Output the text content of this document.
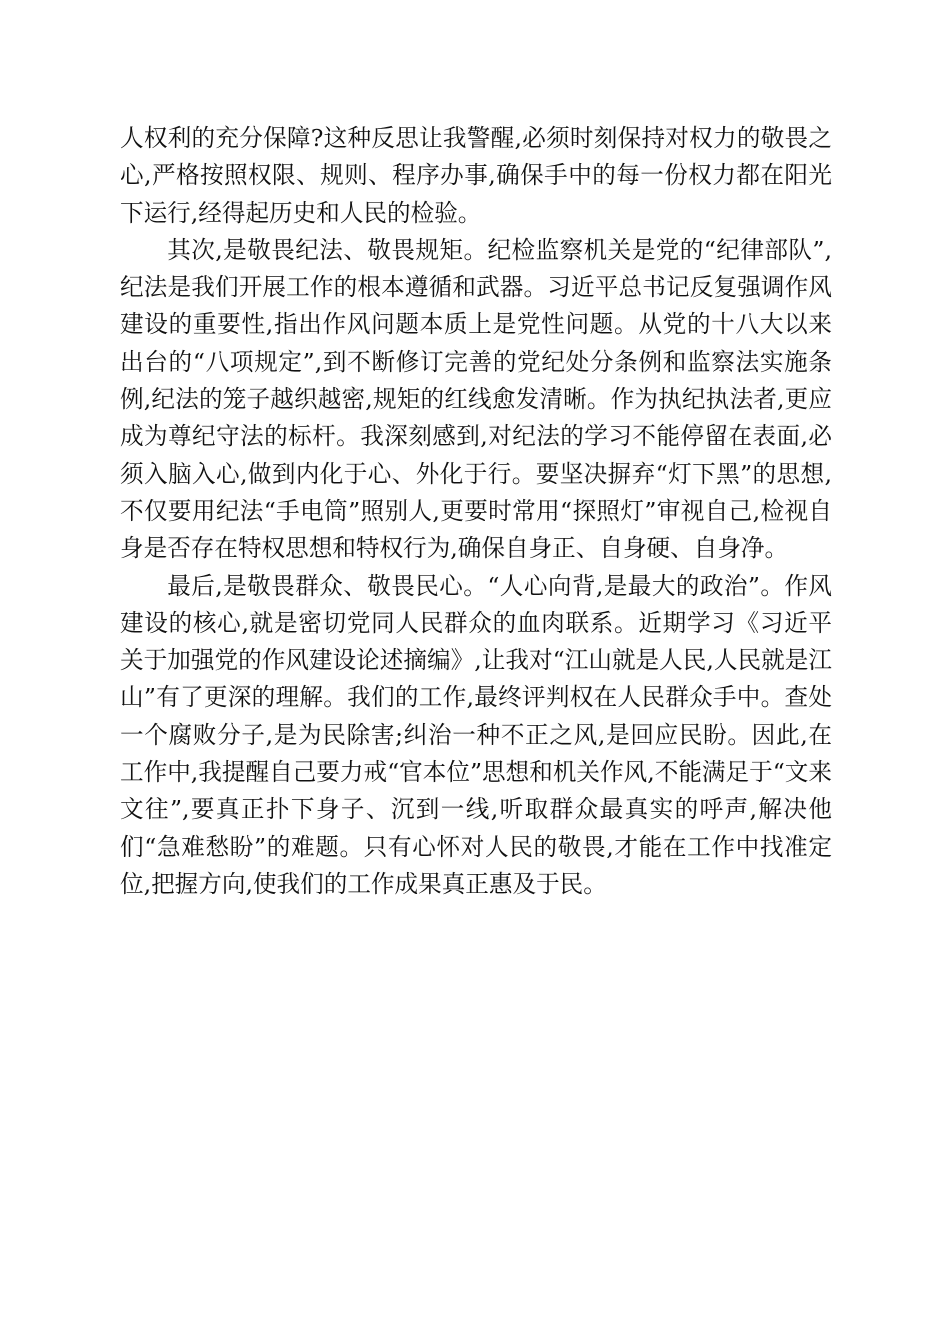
人权利的充分保障?这种反思让我警醒,必须时刻保持对权力的敬畏之心,严格按照权限、规则、程序办事,确保手中的每一份权力都在阳光下运行,经得起历史和人民的检验。

其次,是敬畏纪法、敬畏规矩。纪检监察机关是党的“纪律部队”,纪法是我们开展工作的根本遵循和武器。习近平总书记反复强调作风建设的重要性,指出作风问题本质上是党性问题。从党的十八大以来出台的“八项规定”,到不断修订完善的党纪处分条例和监察法实施条例,纪法的笼子越织越密,规矩的红线愈发清晰。作为执纪执法者,更应成为尊纪守法的标杆。我深刻感到,对纪法的学习不能停留在表面,必须入脑入心,做到内化于心、外化于行。要坚决摒弃“灯下黑”的思想,不仅要用纪法“手电筒”照别人,更要时常用“探照灯”审视自己,检视自身是否存在特权思想和特权行为,确保自身正、自身硬、自身净。

最后,是敬畏群众、敬畏民心。“人心向背,是最大的政治”。作风建设的核心,就是密切党同人民群众的血肉联系。近期学习《习近平关于加强党的作风建设论述摘编》,让我对“江山就是人民,人民就是江山”有了更深的理解。我们的工作,最终评判权在人民群众手中。查处一个腐败分子,是为民除害;纠治一种不正之风,是回应民盼。因此,在工作中,我提醒自己要力戒“官本位”思想和机关作风,不能满足于“文来文往”,要真正扑下身子、沉到一线,听取群众最真实的呼声,解决他们“急难愁盼”的难题。只有心怀对人民的敬畏,才能在工作中找准定位,把握方向,使我们的工作成果真正惠及于民。
